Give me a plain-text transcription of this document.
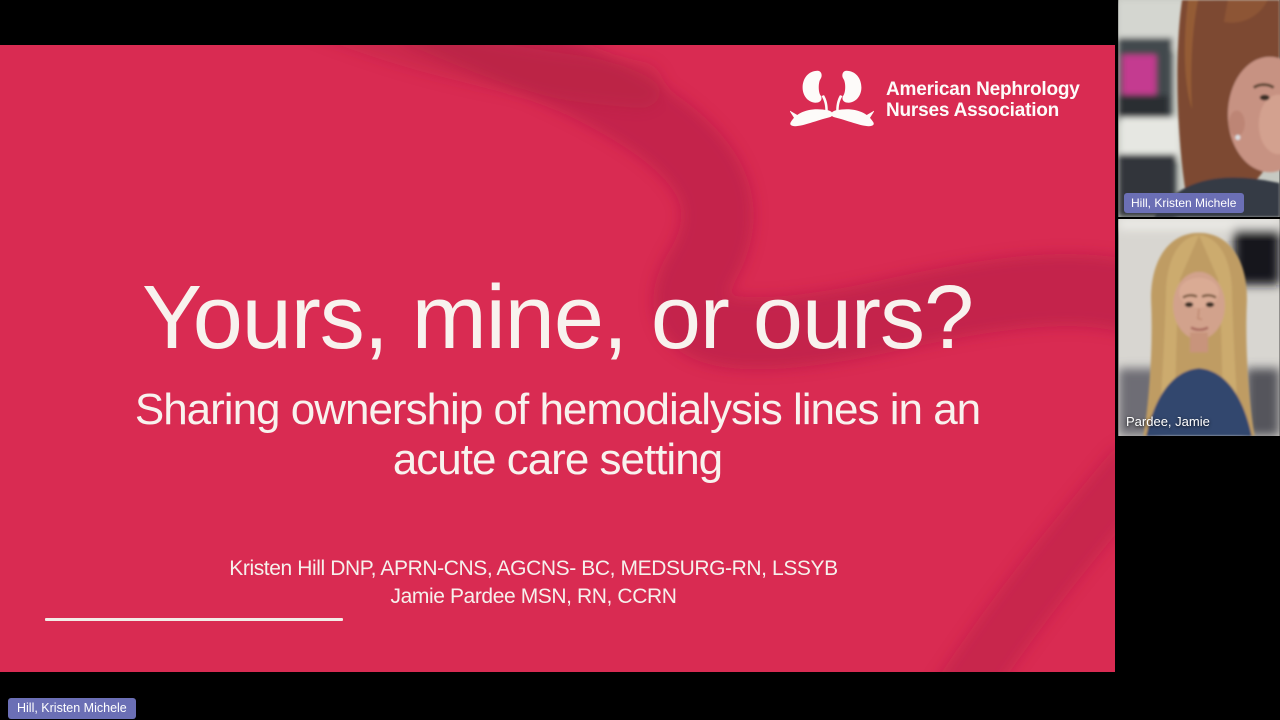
American Nephrology
Nurses Association
Yours, mine, or ours?
Sharing ownership of hemodialysis lines in an
acute care setting

Kristen Hill DNP, APRN-CNS, AGCNS- BC, MEDSURG-RN, LSSYB
Jamie Pardee MSN, RN, CCRN

Hill, Kristen Michele
Pardee, Jamie
Hill, Kristen Michele
